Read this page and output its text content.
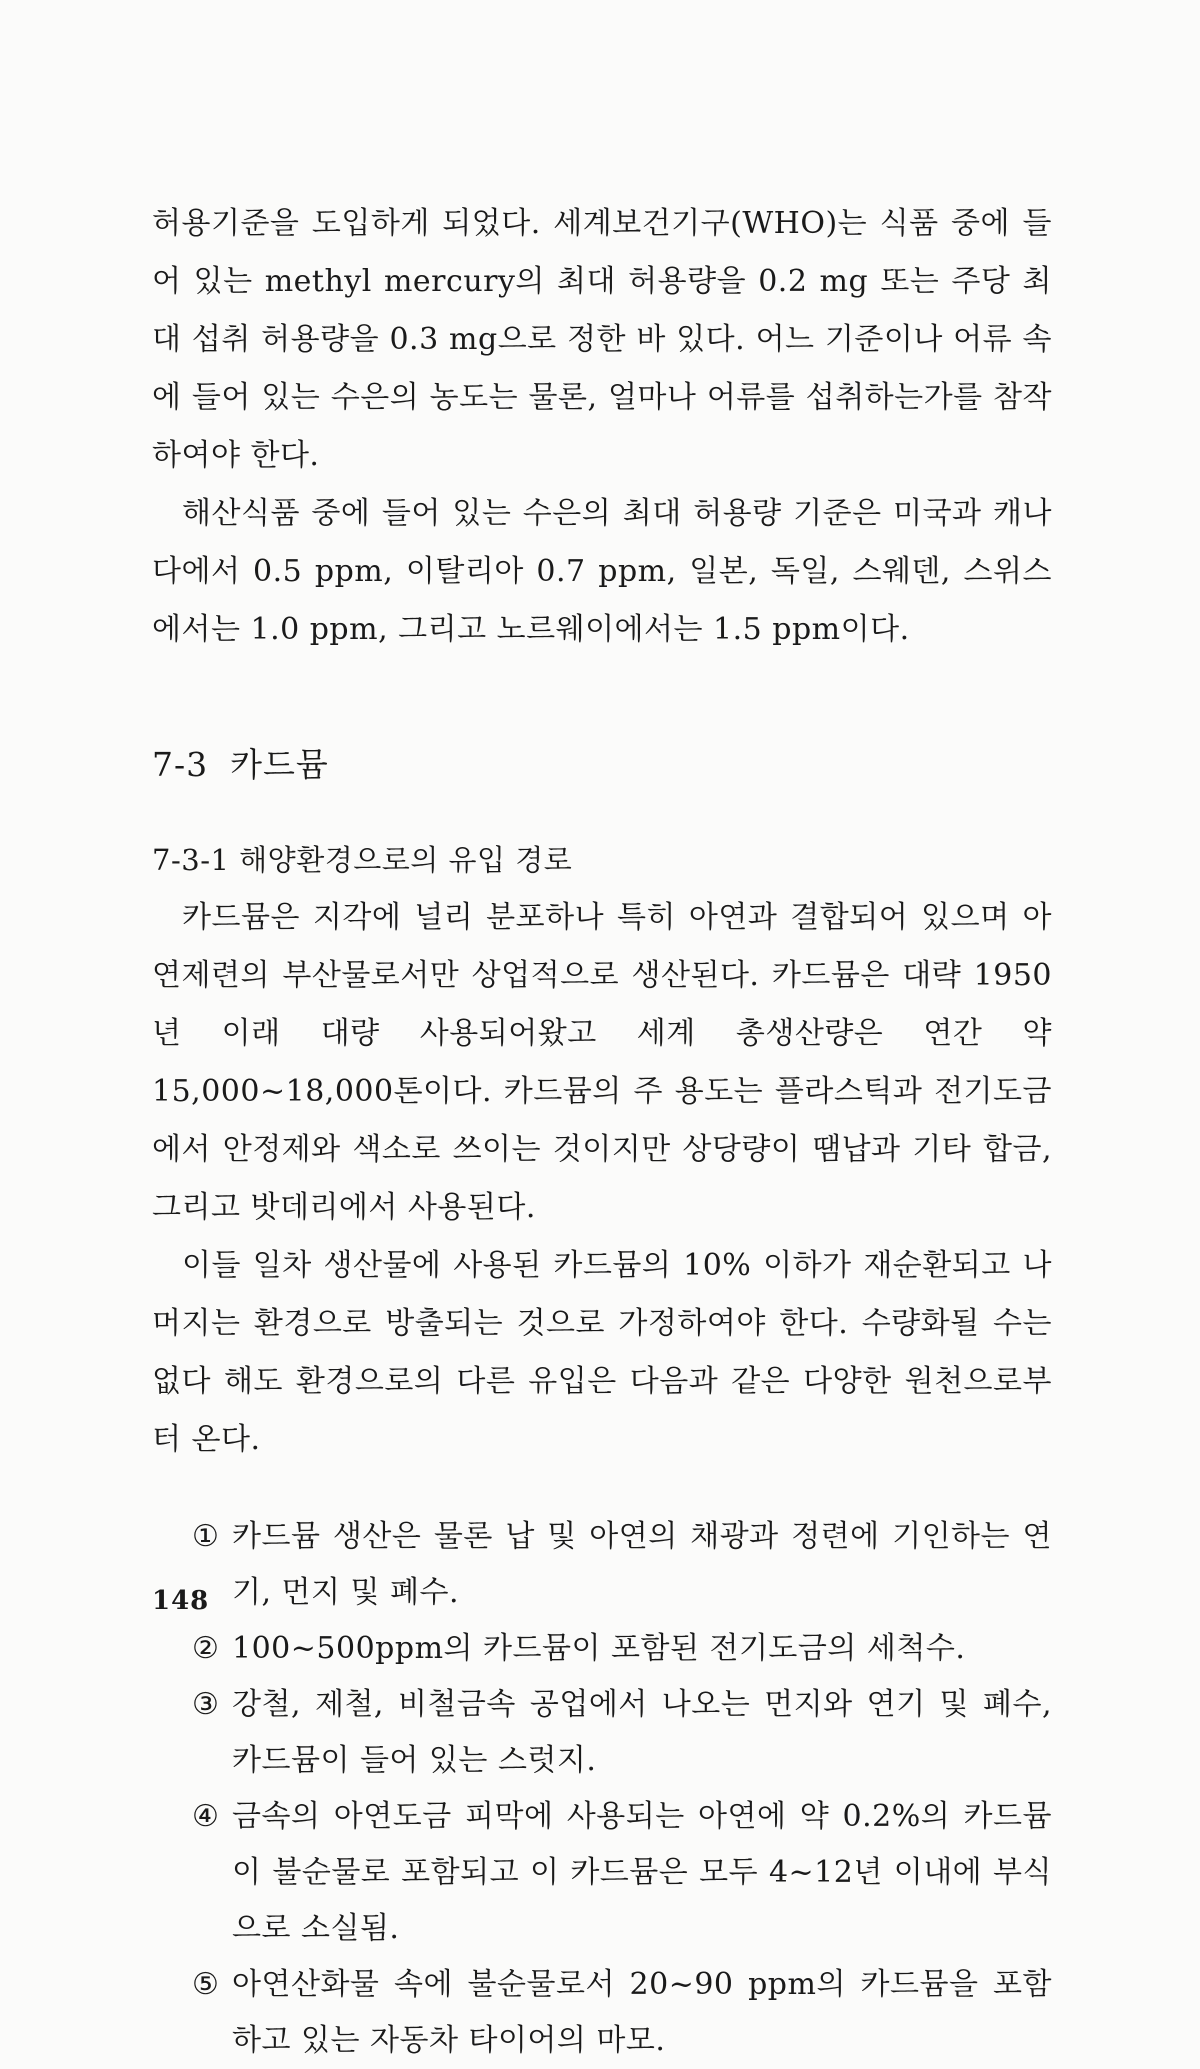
허용기준을 도입하게 되었다. 세계보건기구(WHO)는 식품 중에 들어 있는 methyl mercury의 최대 허용량을 0.2 mg 또는 주당 최대 섭취 허용량을 0.3 mg으로 정한 바 있다. 어느 기준이나 어류 속에 들어 있는 수은의 농도는 물론, 얼마나 어류를 섭취하는가를 참작하여야 한다.

해산식품 중에 들어 있는 수은의 최대 허용량 기준은 미국과 캐나다에서 0.5 ppm, 이탈리아 0.7 ppm, 일본, 독일, 스웨덴, 스위스에서는 1.0 ppm, 그리고 노르웨이에서는 1.5 ppm이다.

7-3 카드뮴
7-3-1 해양환경으로의 유입 경로

카드뮴은 지각에 널리 분포하나 특히 아연과 결합되어 있으며 아연제련의 부산물로서만 상업적으로 생산된다. 카드뮴은 대략 1950년 이래 대량 사용되어왔고 세계 총생산량은 연간 약 15,000~18,000톤이다. 카드뮴의 주 용도는 플라스틱과 전기도금에서 안정제와 색소로 쓰이는 것이지만 상당량이 땜납과 기타 합금, 그리고 밧데리에서 사용된다.

이들 일차 생산물에 사용된 카드뮴의 10% 이하가 재순환되고 나머지는 환경으로 방출되는 것으로 가정하여야 한다. 수량화될 수는 없다 해도 환경으로의 다른 유입은 다음과 같은 다양한 원천으로부터 온다.

① 카드뮴 생산은 물론 납 및 아연의 채광과 정련에 기인하는 연기, 먼지 및 폐수.
② 100~500ppm의 카드뮴이 포함된 전기도금의 세척수.
③ 강철, 제철, 비철금속 공업에서 나오는 먼지와 연기 및 폐수, 카드뮴이 들어 있는 스럿지.
④ 금속의 아연도금 피막에 사용되는 아연에 약 0.2%의 카드뮴이 불순물로 포함되고 이 카드뮴은 모두 4~12년 이내에 부식으로 소실됨.
⑤ 아연산화물 속에 불순물로서 20~90 ppm의 카드뮴을 포함하고 있는 자동차 타이어의 마모.
148
